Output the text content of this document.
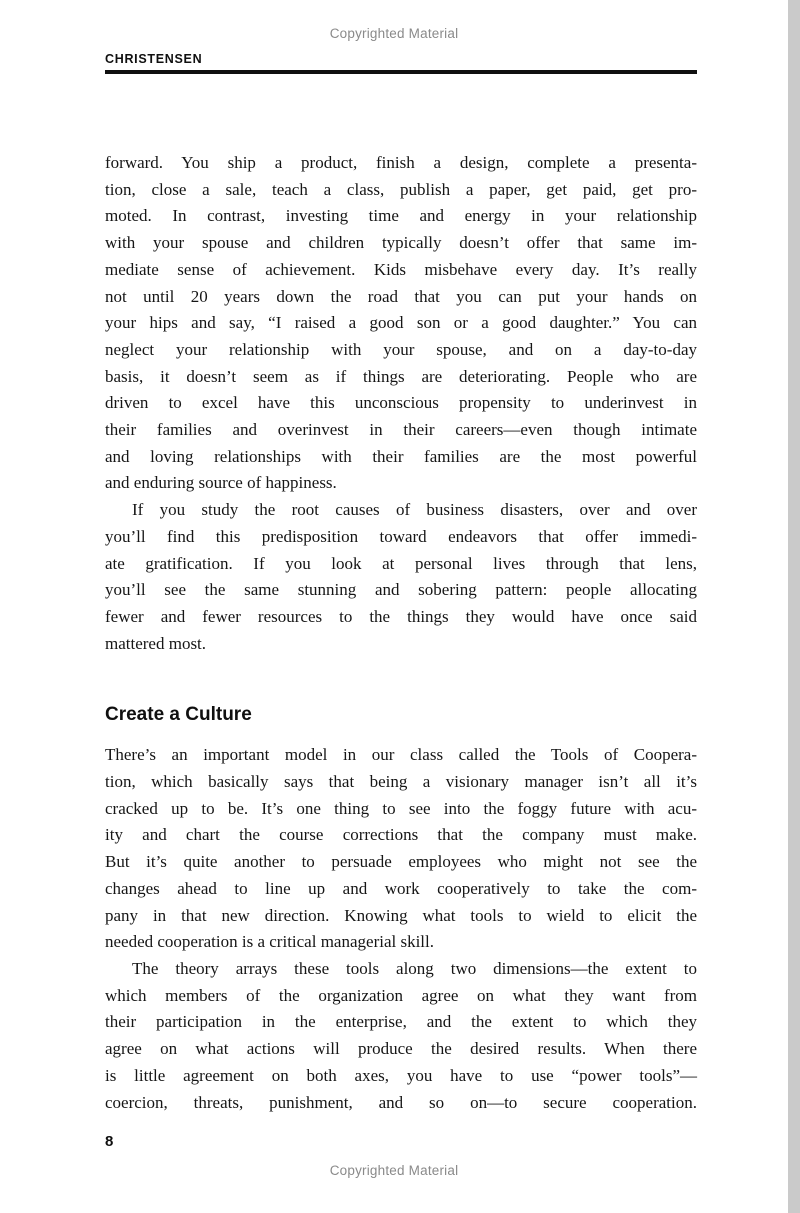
Copyrighted Material
CHRISTENSEN
forward. You ship a product, finish a design, complete a presenta-
tion, close a sale, teach a class, publish a paper, get paid, get pro-
moted. In contrast, investing time and energy in your relationship
with your spouse and children typically doesn’t offer that same im-
mediate sense of achievement. Kids misbehave every day. It’s really
not until 20 years down the road that you can put your hands on
your hips and say, “I raised a good son or a good daughter.” You can
neglect your relationship with your spouse, and on a day-to-day
basis, it doesn’t seem as if things are deteriorating. People who are
driven to excel have this unconscious propensity to underinvest in
their families and overinvest in their careers—even though intimate
and loving relationships with their families are the most powerful
and enduring source of happiness.
If you study the root causes of business disasters, over and over
you’ll find this predisposition toward endeavors that offer immedi-
ate gratification. If you look at personal lives through that lens,
you’ll see the same stunning and sobering pattern: people allocating
fewer and fewer resources to the things they would have once said
mattered most.
Create a Culture
There’s an important model in our class called the Tools of Coopera-
tion, which basically says that being a visionary manager isn’t all it’s
cracked up to be. It’s one thing to see into the foggy future with acu-
ity and chart the course corrections that the company must make.
But it’s quite another to persuade employees who might not see the
changes ahead to line up and work cooperatively to take the com-
pany in that new direction. Knowing what tools to wield to elicit the
needed cooperation is a critical managerial skill.
The theory arrays these tools along two dimensions—the extent to
which members of the organization agree on what they want from
their participation in the enterprise, and the extent to which they
agree on what actions will produce the desired results. When there
is little agreement on both axes, you have to use “power tools”—
coercion, threats, punishment, and so on—to secure cooperation.
8
Copyrighted Material
